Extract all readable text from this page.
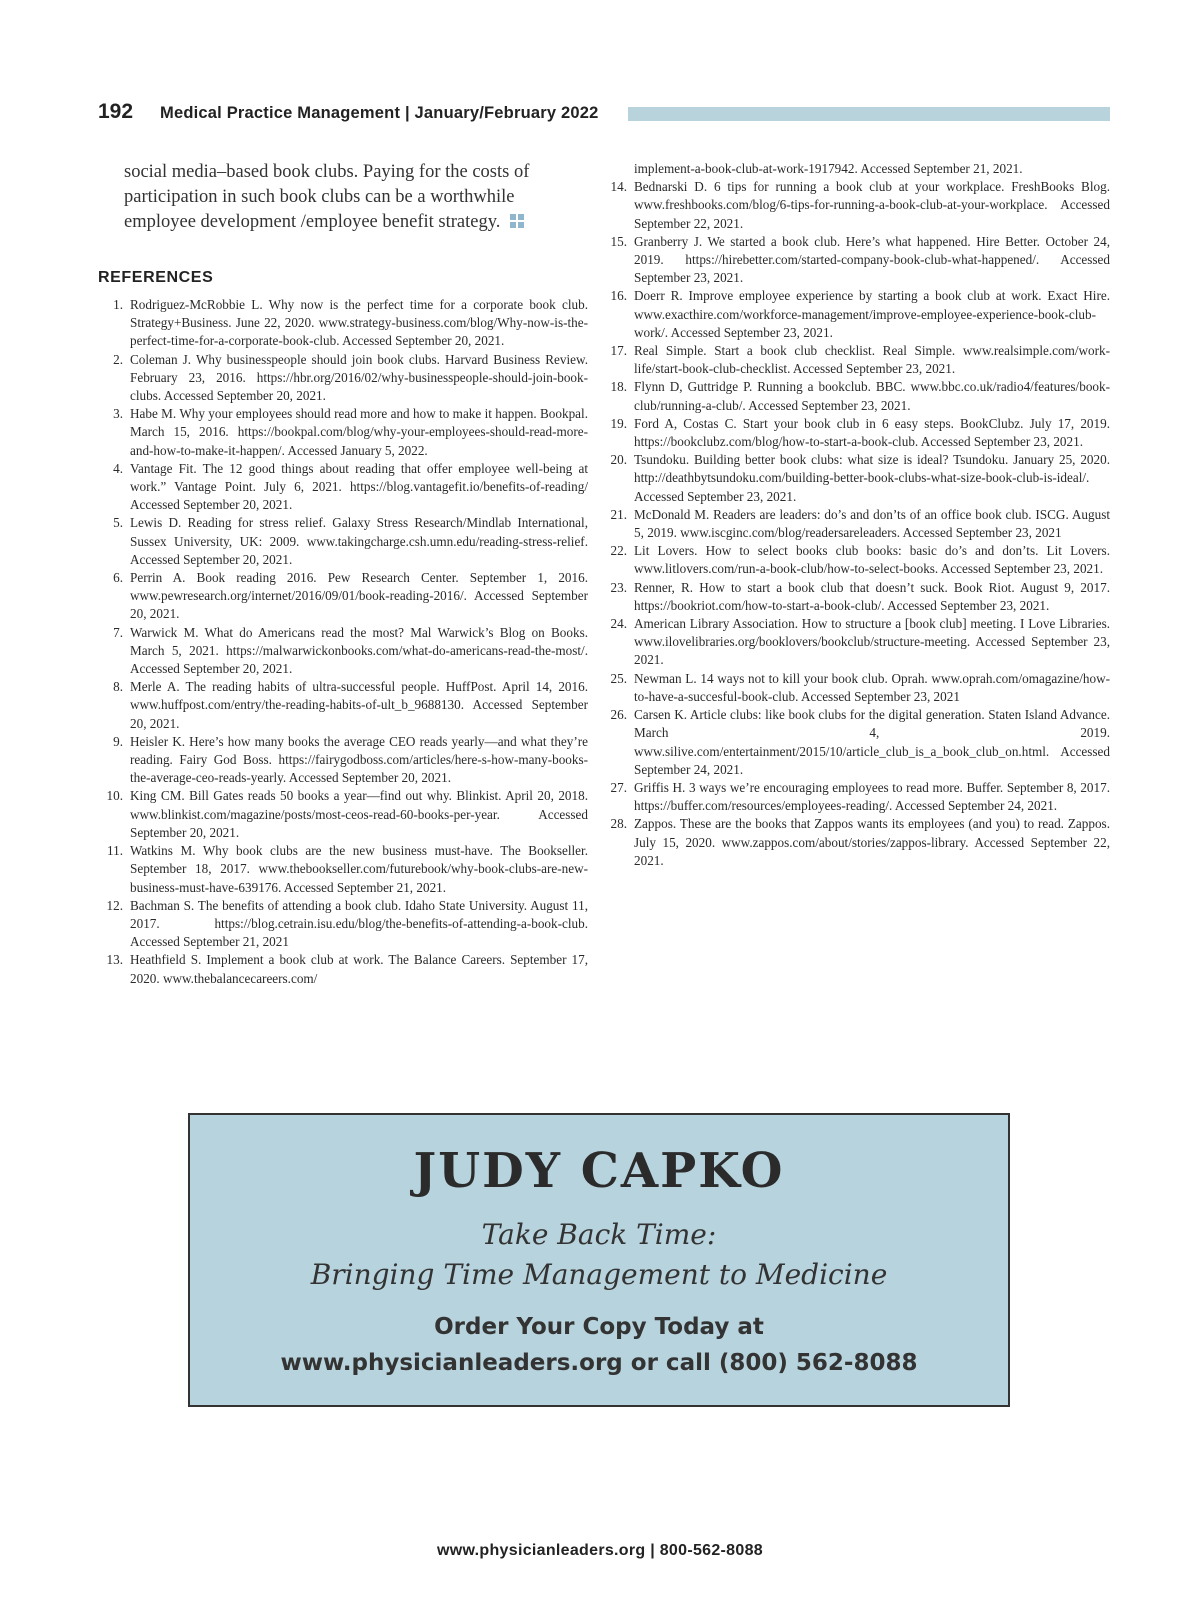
192 Medical Practice Management | January/February 2022
social media–based book clubs. Paying for the costs of participation in such book clubs can be a worthwhile employee development /employee benefit strategy.
REFERENCES
1. Rodriguez-McRobbie L. Why now is the perfect time for a corporate book club. Strategy+Business. June 22, 2020. www.strategy-business.com/blog/Why-now-is-the-perfect-time-for-a-corporate-book-club. Accessed September 20, 2021.
2. Coleman J. Why businesspeople should join book clubs. Harvard Business Review. February 23, 2016. https://hbr.org/2016/02/why-businesspeople-should-join-book-clubs. Accessed September 20, 2021.
3. Habe M. Why your employees should read more and how to make it happen. Bookpal. March 15, 2016. https://bookpal.com/blog/why-your-employees-should-read-more-and-how-to-make-it-happen/. Accessed January 5, 2022.
4. Vantage Fit. The 12 good things about reading that offer employee well-being at work.” Vantage Point. July 6, 2021. https://blog.vantagefit.io/benefits-of-reading/ Accessed September 20, 2021.
5. Lewis D. Reading for stress relief. Galaxy Stress Research/Mindlab International, Sussex University, UK: 2009. www.takingcharge.csh.umn.edu/reading-stress-relief. Accessed September 20, 2021.
6. Perrin A. Book reading 2016. Pew Research Center. September 1, 2016. www.pewresearch.org/internet/2016/09/01/book-reading-2016/. Accessed September 20, 2021.
7. Warwick M. What do Americans read the most? Mal Warwick’s Blog on Books. March 5, 2021. https://malwarwickonbooks.com/what-do-americans-read-the-most/. Accessed September 20, 2021.
8. Merle A. The reading habits of ultra-successful people. HuffPost. April 14, 2016. www.huffpost.com/entry/the-reading-habits-of-ult_b_9688130. Accessed September 20, 2021.
9. Heisler K. Here’s how many books the average CEO reads yearly—and what they’re reading. Fairy God Boss. https://fairygodboss.com/articles/here-s-how-many-books-the-average-ceo-reads-yearly. Accessed September 20, 2021.
10. King CM. Bill Gates reads 50 books a year—find out why. Blinkist. April 20, 2018. www.blinkist.com/magazine/posts/most-ceos-read-60-books-per-year. Accessed September 20, 2021.
11. Watkins M. Why book clubs are the new business must-have. The Bookseller. September 18, 2017. www.thebookseller.com/futurebook/why-book-clubs-are-new-business-must-have-639176. Accessed September 21, 2021.
12. Bachman S. The benefits of attending a book club. Idaho State University. August 11, 2017. https://blog.cetrain.isu.edu/blog/the-benefits-of-attending-a-book-club. Accessed September 21, 2021
13. Heathfield S. Implement a book club at work. The Balance Careers. September 17, 2020. www.thebalancecareers.com/
implement-a-book-club-at-work-1917942. Accessed September 21, 2021.
14. Bednarski D. 6 tips for running a book club at your workplace. FreshBooks Blog. www.freshbooks.com/blog/6-tips-for-running-a-book-club-at-your-workplace. Accessed September 22, 2021.
15. Granberry J. We started a book club. Here’s what happened. Hire Better. October 24, 2019. https://hirebetter.com/started-company-book-club-what-happened/. Accessed September 23, 2021.
16. Doerr R. Improve employee experience by starting a book club at work. Exact Hire. www.exacthire.com/workforce-management/improve-employee-experience-book-club-work/. Accessed September 23, 2021.
17. Real Simple. Start a book club checklist. Real Simple. www.realsimple.com/work-life/start-book-club-checklist. Accessed September 23, 2021.
18. Flynn D, Guttridge P. Running a bookclub. BBC. www.bbc.co.uk/radio4/features/book-club/running-a-club/. Accessed September 23, 2021.
19. Ford A, Costas C. Start your book club in 6 easy steps. BookClubz. July 17, 2019. https://bookclubz.com/blog/how-to-start-a-book-club. Accessed September 23, 2021.
20. Tsundoku. Building better book clubs: what size is ideal? Tsundoku. January 25, 2020. http://deathbytsundoku.com/building-better-book-clubs-what-size-book-club-is-ideal/. Accessed September 23, 2021.
21. McDonald M. Readers are leaders: do’s and don’ts of an office book club. ISCG. August 5, 2019. www.iscginc.com/blog/readersareleaders. Accessed September 23, 2021
22. Lit Lovers. How to select books club books: basic do’s and don’ts. Lit Lovers. www.litlovers.com/run-a-book-club/how-to-select-books. Accessed September 23, 2021.
23. Renner, R. How to start a book club that doesn’t suck. Book Riot. August 9, 2017. https://bookriot.com/how-to-start-a-book-club/. Accessed September 23, 2021.
24. American Library Association. How to structure a [book club] meeting. I Love Libraries. www.ilovelibraries.org/booklovers/bookclub/structure-meeting. Accessed September 23, 2021.
25. Newman L. 14 ways not to kill your book club. Oprah. www.oprah.com/omagazine/how-to-have-a-succesful-book-club. Accessed September 23, 2021
26. Carsen K. Article clubs: like book clubs for the digital generation. Staten Island Advance. March 4, 2019. www.silive.com/entertainment/2015/10/article_club_is_a_book_club_on.html. Accessed September 24, 2021.
27. Griffis H. 3 ways we’re encouraging employees to read more. Buffer. September 8, 2017. https://buffer.com/resources/employees-reading/. Accessed September 24, 2021.
28. Zappos. These are the books that Zappos wants its employees (and you) to read. Zappos. July 15, 2020. www.zappos.com/about/stories/zappos-library. Accessed September 22, 2021.
JUDY CAPKO
Take Back Time:
Bringing Time Management to Medicine
Order Your Copy Today at
www.physicianleaders.org or call (800) 562-8088
www.physicianleaders.org | 800-562-8088
